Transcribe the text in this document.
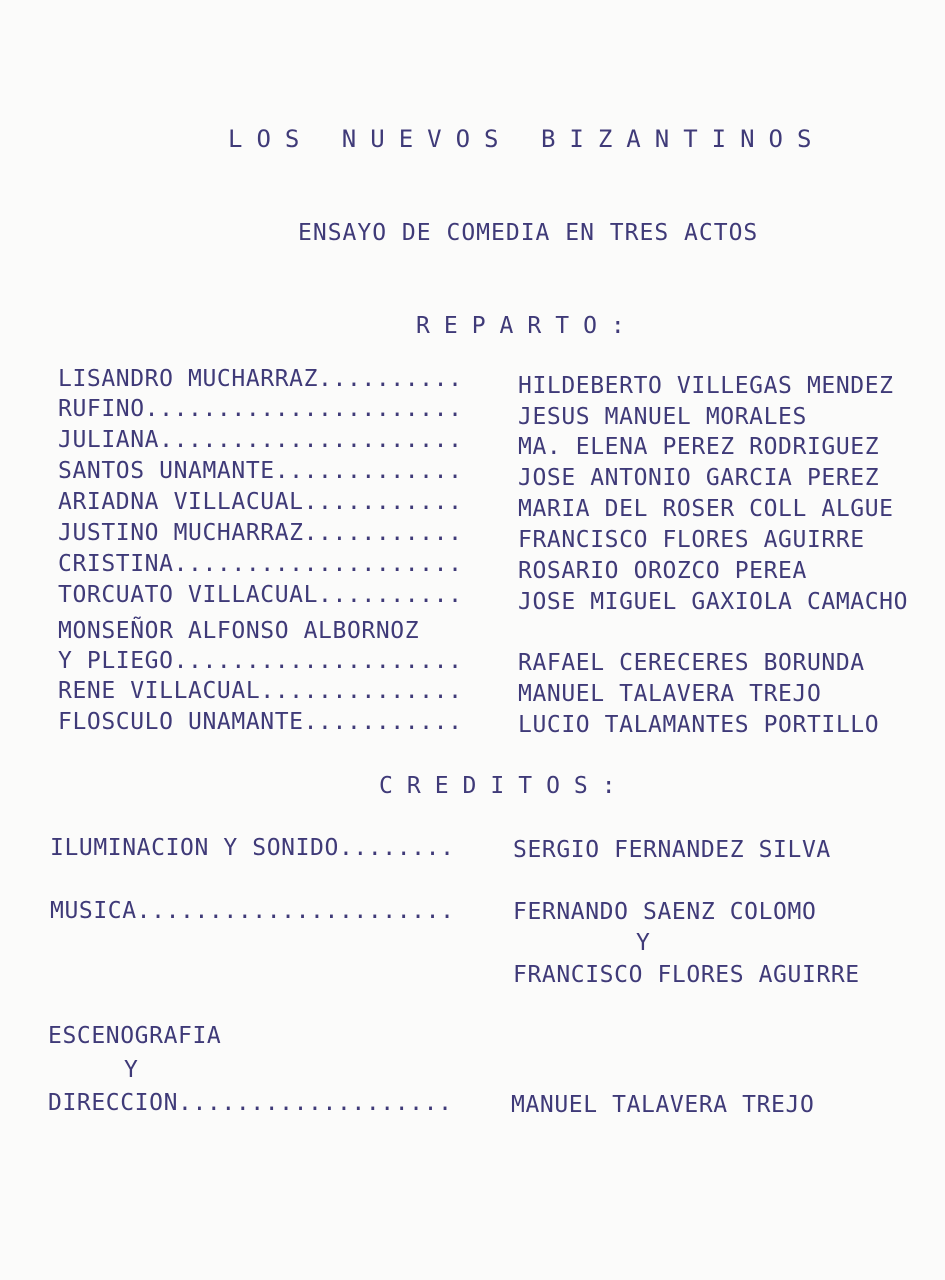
LOS NUEVOS BIZANTINOS
ENSAYO DE COMEDIA EN TRES ACTOS
REPARTO:
LISANDRO MUCHARRAZ.......... HILDEBERTO VILLEGAS MENDEZ
RUFINO...................... JESUS MANUEL MORALES
JULIANA..................... MA. ELENA PEREZ RODRIGUEZ
SANTOS UNAMANTE............. JOSE ANTONIO GARCIA PEREZ
ARIADNA VILLACUAL........... MARIA DEL ROSER COLL ALGUE
JUSTINO MUCHARRAZ........... FRANCISCO FLORES AGUIRRE
CRISTINA.................... ROSARIO OROZCO PEREA
TORCUATO VILLACUAL.......... JOSE MIGUEL GAXIOLA CAMACHO
MONSEÑOR ALFONSO ALBORNOZ
Y PLIEGO.................... RAFAEL CERECERES BORUNDA
RENE VILLACUAL.............. MANUEL TALAVERA TREJO
FLOSCULO UNAMANTE........... LUCIO TALAMANTES PORTILLO
CREDITOS:
ILUMINACION Y SONIDO........	SERGIO FERNANDEZ SILVA
MUSICA......................	FERNANDO SAENZ COLOMO
Y
FRANCISCO FLORES AGUIRRE
ESCENOGRAFIA
Y
DIRECCION...................	MANUEL TALAVERA TREJO
